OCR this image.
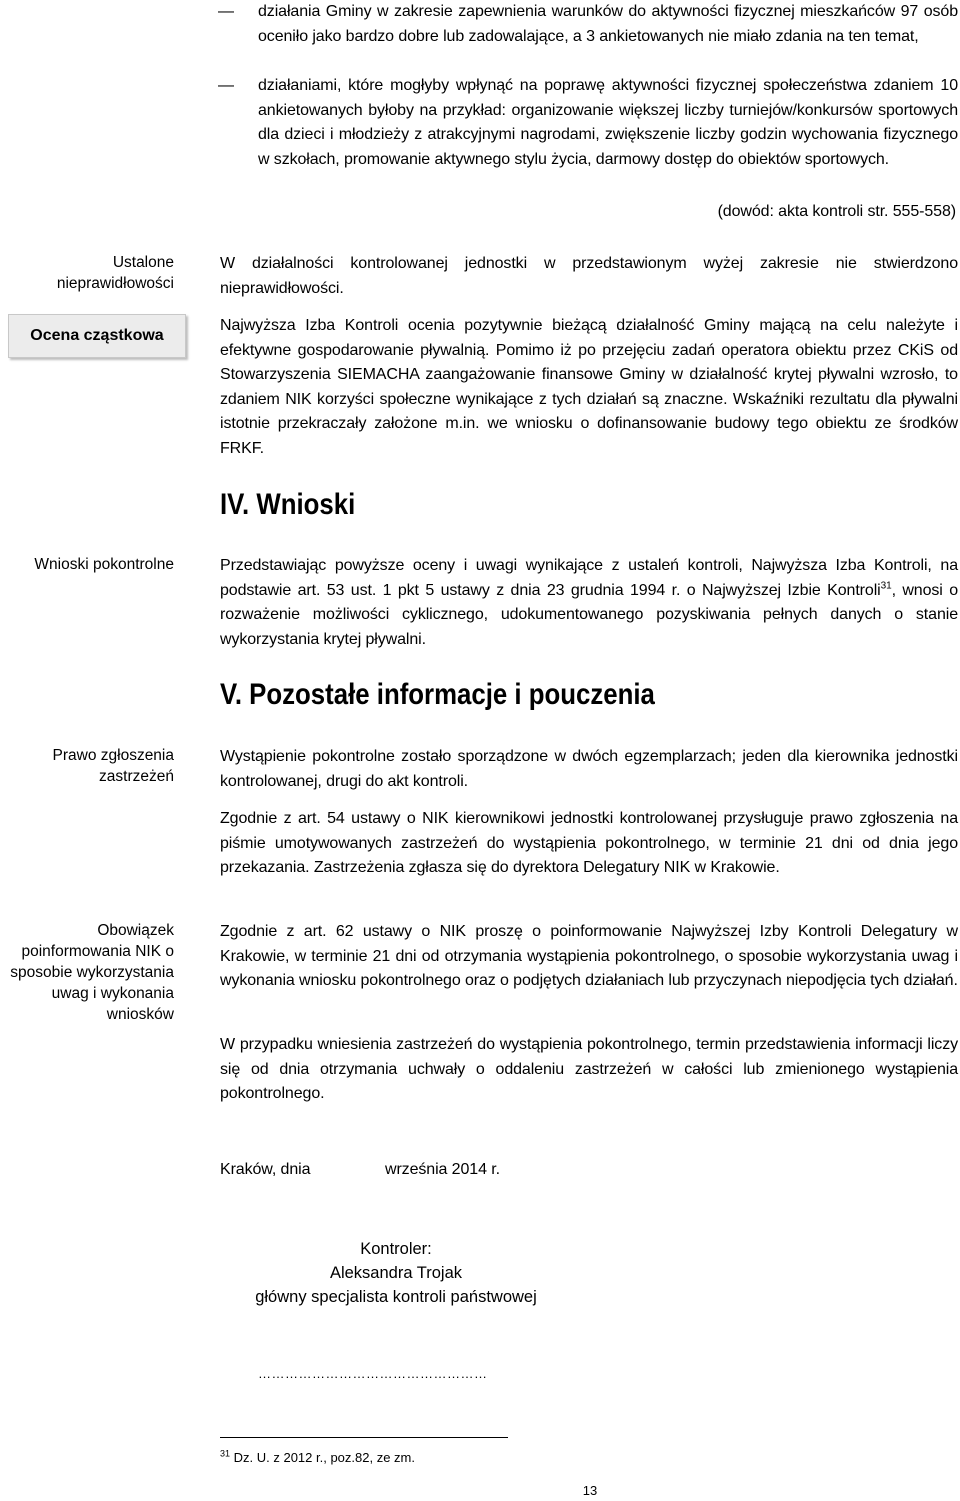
—	działania Gminy w zakresie zapewnienia warunków do aktywności fizycznej mieszkańców 97 osób oceniło jako bardzo dobre lub zadowalające, a 3 ankietowanych nie miało zdania na ten temat,
—	działaniami, które mogłyby wpłynąć na poprawę aktywności fizycznej społeczeństwa zdaniem 10 ankietowanych byłoby na przykład: organizowanie większej liczby turniejów/konkursów sportowych dla dzieci i młodzieży z atrakcyjnymi nagrodami, zwiększenie liczby godzin wychowania fizycznego w szkołach, promowanie aktywnego stylu życia, darmowy dostęp do obiektów sportowych.
(dowód: akta kontroli str. 555-558)
Ustalone nieprawidłowości
Ocena cząstkowa
Wnioski pokontrolne
Prawo zgłoszenia zastrzeżeń
Obowiązek poinformowania NIK o sposobie wykorzystania uwag i wykonania wniosków
W działalności kontrolowanej jednostki w przedstawionym wyżej zakresie nie stwierdzono nieprawidłowości.
Najwyższa Izba Kontroli ocenia pozytywnie bieżącą działalność Gminy mającą na celu należyte i efektywne gospodarowanie pływalnią. Pomimo iż po przejęciu zadań operatora obiektu przez CKiS od Stowarzyszenia SIEMACHA zaangażowanie finansowe Gminy w działalność krytej pływalni wzrosło, to zdaniem NIK korzyści społeczne wynikające z tych działań są znaczne. Wskaźniki rezultatu dla pływalni istotnie przekraczały założone m.in. we wniosku o dofinansowanie budowy tego obiektu ze środków FRKF.
IV. Wnioski
Przedstawiając powyższe oceny i uwagi wynikające z ustaleń kontroli, Najwyższa Izba Kontroli, na podstawie art. 53 ust. 1 pkt 5 ustawy z dnia 23 grudnia 1994 r. o Najwyższej Izbie Kontroli$^{31}$, wnosi o rozważenie możliwości cyklicznego, udokumentowanego pozyskiwania pełnych danych o stanie wykorzystania krytej pływalni.
V. Pozostałe informacje i pouczenia
Wystąpienie pokontrolne zostało sporządzone w dwóch egzemplarzach; jeden dla kierownika jednostki kontrolowanej, drugi do akt kontroli.
Zgodnie z art. 54 ustawy o NIK kierownikowi jednostki kontrolowanej przysługuje prawo zgłoszenia na piśmie umotywowanych zastrzeżeń do wystąpienia pokontrolnego, w terminie 21 dni od dnia jego przekazania. Zastrzeżenia zgłasza się do dyrektora Delegatury NIK w Krakowie.
Zgodnie z art. 62 ustawy o NIK proszę o poinformowanie Najwyższej Izby Kontroli Delegatury w Krakowie, w terminie 21 dni od otrzymania wystąpienia pokontrolnego, o sposobie wykorzystania uwag i wykonania wniosku pokontrolnego oraz o podjętych działaniach lub przyczynach niepodjęcia tych działań.
W przypadku wniesienia zastrzeżeń do wystąpienia pokontrolnego, termin przedstawienia informacji liczy się od dnia otrzymania uchwały o oddaleniu zastrzeżeń w całości lub zmienionego wystąpienia pokontrolnego.
Kraków, dnia	września 2014 r.
Kontroler:
Aleksandra Trojak
główny specjalista kontroli państwowej
……………………………………………
$^{31}$ Dz. U. z 2012 r., poz.82, ze zm.
13
